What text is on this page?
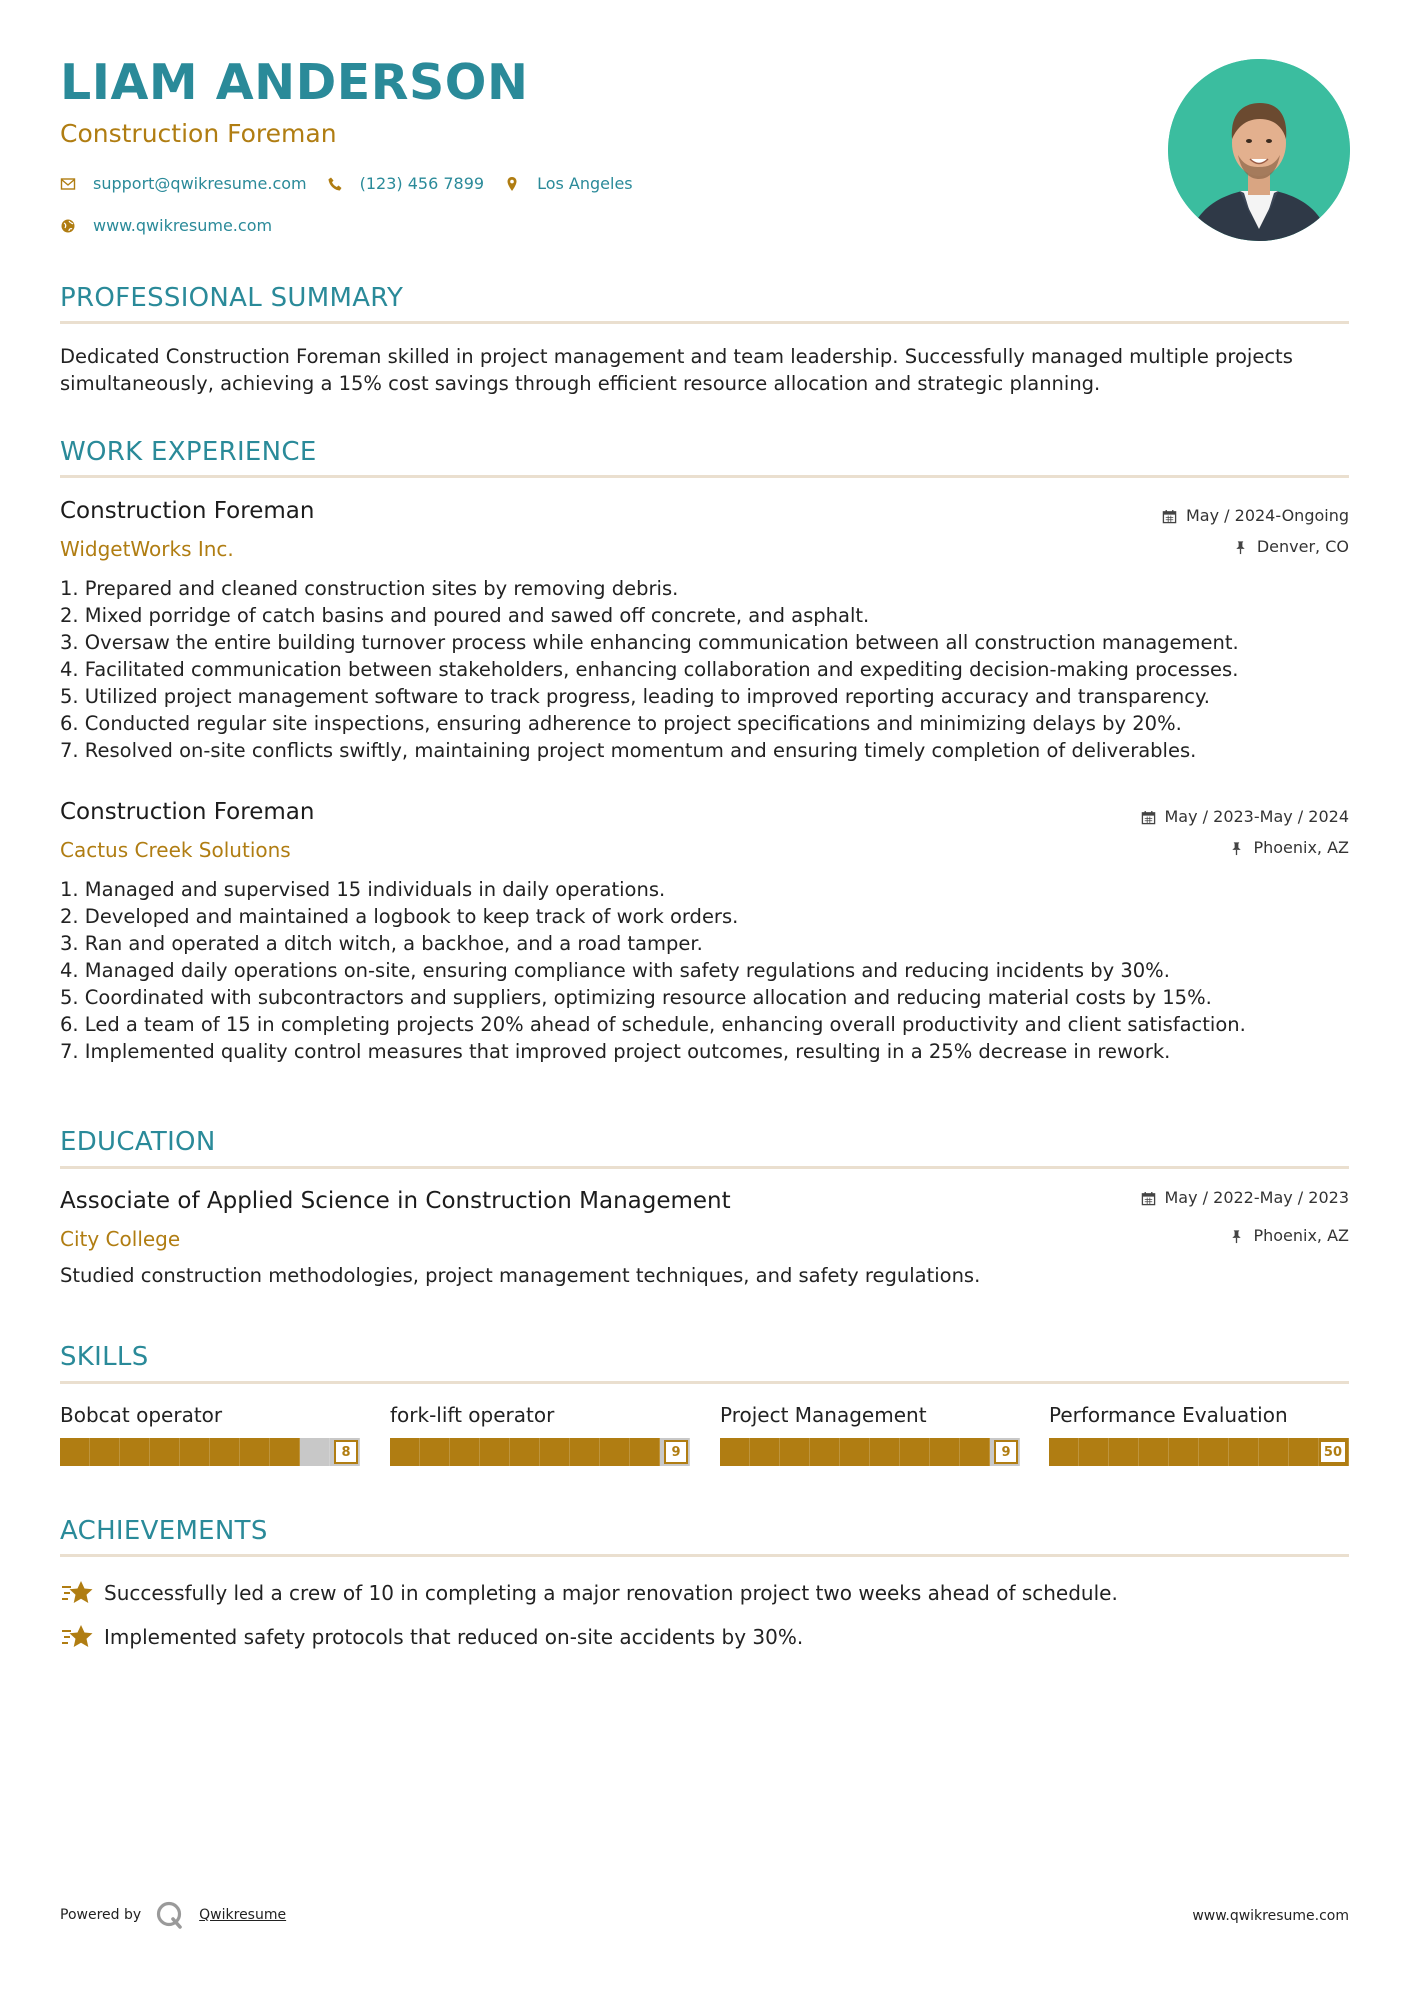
LIAM ANDERSON
Construction Foreman
support@qwikresume.com	(123) 456 7899	Los Angeles
www.qwikresume.com
PROFESSIONAL SUMMARY
Dedicated Construction Foreman skilled in project management and team leadership. Successfully managed multiple projects simultaneously, achieving a 15% cost savings through efficient resource allocation and strategic planning.
WORK EXPERIENCE
Construction Foreman
WidgetWorks Inc.
May / 2024-Ongoing
Denver, CO
1. Prepared and cleaned construction sites by removing debris.
2. Mixed porridge of catch basins and poured and sawed off concrete, and asphalt.
3. Oversaw the entire building turnover process while enhancing communication between all construction management.
4. Facilitated communication between stakeholders, enhancing collaboration and expediting decision-making processes.
5. Utilized project management software to track progress, leading to improved reporting accuracy and transparency.
6. Conducted regular site inspections, ensuring adherence to project specifications and minimizing delays by 20%.
7. Resolved on-site conflicts swiftly, maintaining project momentum and ensuring timely completion of deliverables.
Construction Foreman
Cactus Creek Solutions
May / 2023-May / 2024
Phoenix, AZ
1. Managed and supervised 15 individuals in daily operations.
2. Developed and maintained a logbook to keep track of work orders.
3. Ran and operated a ditch witch, a backhoe, and a road tamper.
4. Managed daily operations on-site, ensuring compliance with safety regulations and reducing incidents by 30%.
5. Coordinated with subcontractors and suppliers, optimizing resource allocation and reducing material costs by 15%.
6. Led a team of 15 in completing projects 20% ahead of schedule, enhancing overall productivity and client satisfaction.
7. Implemented quality control measures that improved project outcomes, resulting in a 25% decrease in rework.
EDUCATION
Associate of Applied Science in Construction Management
City College
May / 2022-May / 2023
Phoenix, AZ
Studied construction methodologies, project management techniques, and safety regulations.
SKILLS
Bobcat operator
8
fork-lift operator
9
Project Management
9
Performance Evaluation
50
ACHIEVEMENTS
Successfully led a crew of 10 in completing a major renovation project two weeks ahead of schedule.
Implemented safety protocols that reduced on-site accidents by 30%.
Powered by	Qwikresume	www.qwikresume.com
